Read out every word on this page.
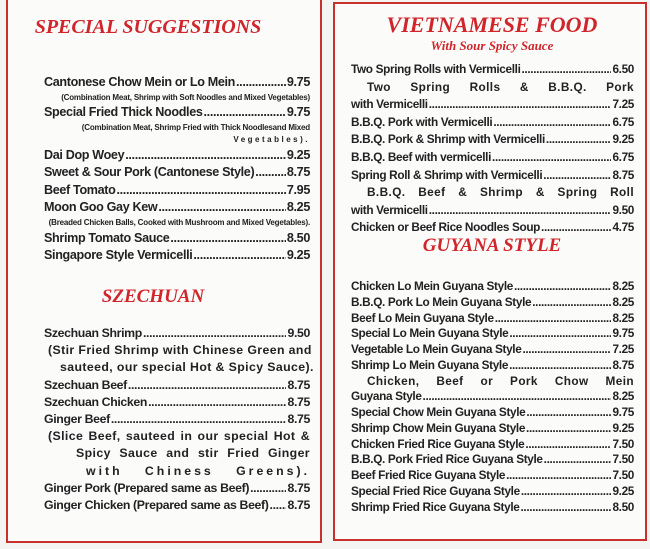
SPECIAL SUGGESTIONS
Cantonese Chow Mein or Lo Mein .....	9.75
(Combination Meat, Shrimp with Soft Noodles and Mixed Vegetables)
Special Fried Thick Noodles .....	9.75
(Combination Meat, Shrimp Fried with Thick Noodlesand Mixed
Vegetables).
Dai Dop Woey .....	9.25
Sweet & Sour Pork (Cantonese Style) .....	8.75
Beef Tomato .....	7.95
Moon Goo Gay Kew .....	8.25
(Breaded Chicken Balls, Cooked with Mushroom and Mixed Vegetables).
Shrimp Tomato Sauce .....	8.50
Singapore Style Vermicelli .....	9.25
SZECHUAN
Szechuan Shrimp .....	9.50
(Stir Fried Shrimp with Chinese Green and
sauteed, our special Hot & Spicy Sauce).
Szechuan Beef .....	8.75
Szechuan Chicken .....	8.75
Ginger Beef .....	8.75
(Slice Beef, sauteed in our special Hot &
Spicy Sauce and stir Fried Ginger
with Chiness Greens).
Ginger Pork (Prepared same as Beef) .....	8.75
Ginger Chicken (Prepared same as Beef) ..... 8.75
VIETNAMESE FOOD
With Sour Spicy Sauce
Two Spring Rolls with Vermicelli .....	6.50
Two Spring Rolls & B.B.Q. Pork
with Vermicelli .....	7.25
B.B.Q. Pork with Vermicelli .....	6.75
B.B.Q. Pork & Shrimp with Vermicelli .....	9.25
B.B.Q. Beef with vermicelli .....	6.75
Spring Roll & Shrimp with Vermicelli .....	8.75
B.B.Q. Beef & Shrimp & Spring Roll
with Vermicelli .....	9.50
Chicken or Beef Rice Noodles Soup .....	4.75
GUYANA STYLE
Chicken Lo Mein Guyana Style .....	8.25
B.B.Q. Pork Lo Mein Guyana Style .....	8.25
Beef Lo Mein Guyana Style .....	8.25
Special Lo Mein Guyana Style .....	9.75
Vegetable Lo Mein Guyana Style .....	7.25
Shrimp Lo Mein Guyana Style .....	8.75
Chicken, Beef or Pork Chow Mein
Guyana Style .....	8.25
Special Chow Mein Guyana Style .....	9.75
Shrimp Chow Mein Guyana Style .....	9.25
Chicken Fried Rice Guyana Style .....	7.50
B.B.Q. Pork Fried Rice Guyana Style .....	7.50
Beef Fried Rice Guyana Style .....	7.50
Special Fried Rice Guyana Style .....	9.25
Shrimp Fried Rice Guyana Style .....	8.50
